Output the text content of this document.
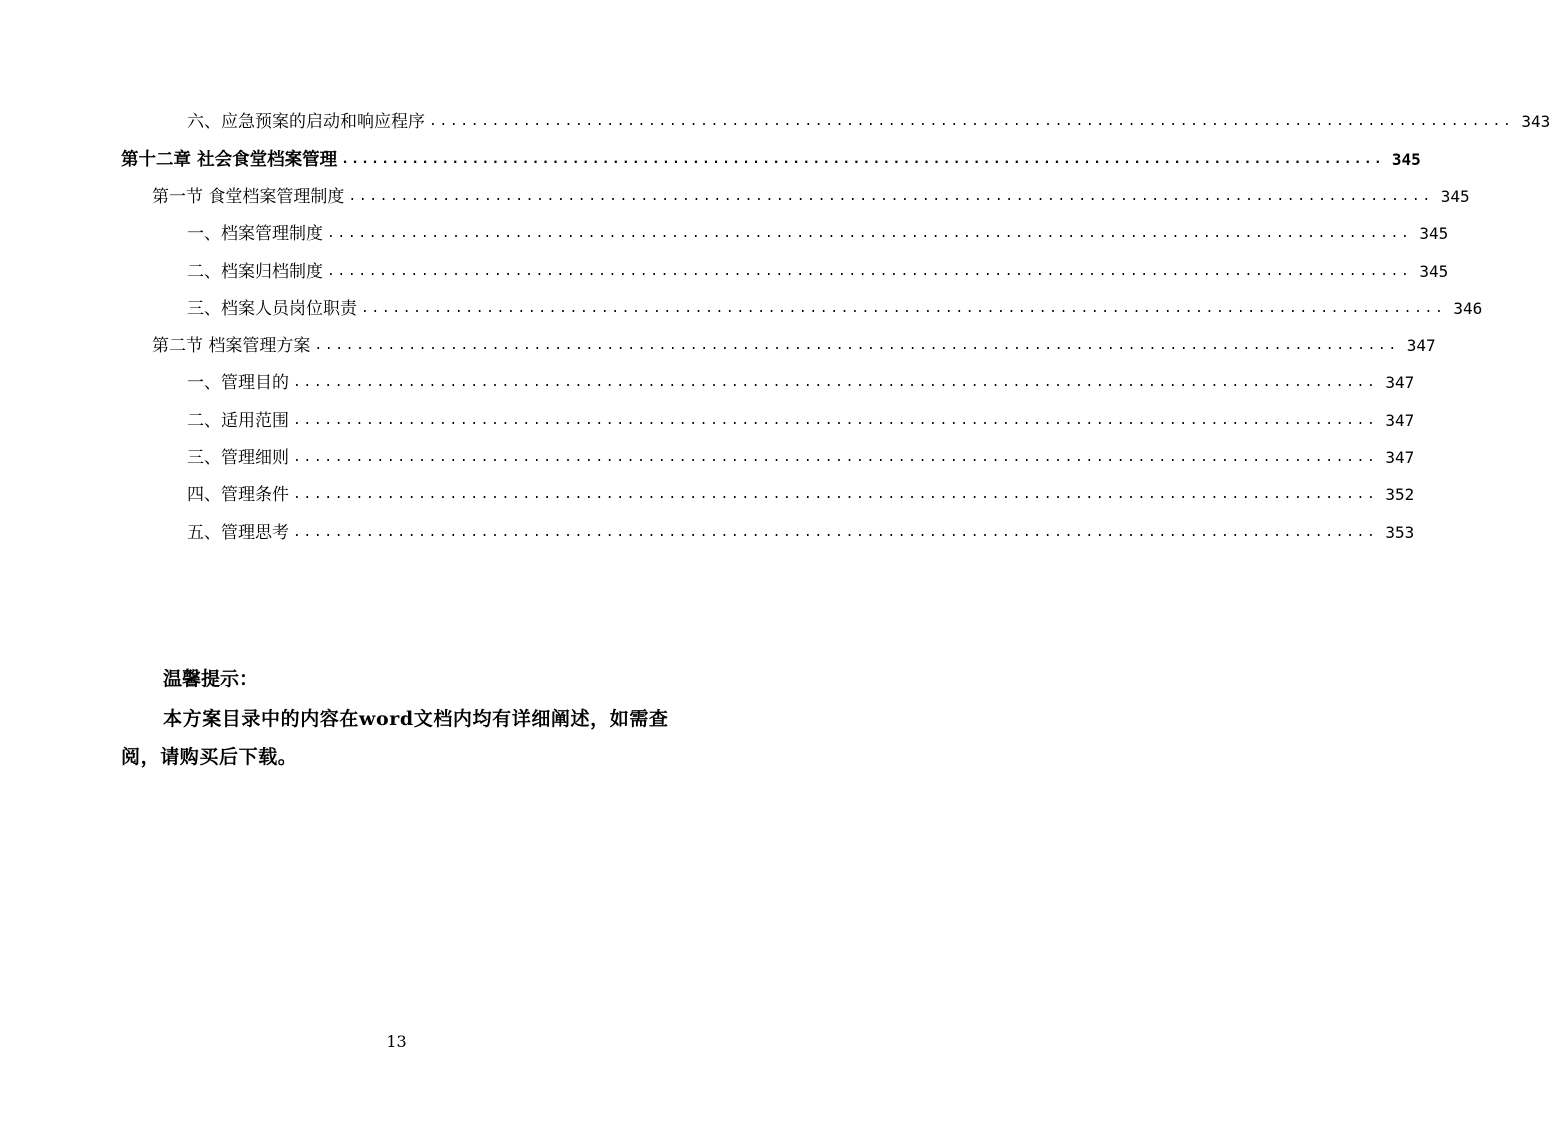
六、应急预案的启动和响应程序 ........................................................................................................ 343
第十二章 社会食堂档案管理 ........................................................................................................ 345
第一节 食堂档案管理制度 ........................................................................................................ 345
一、档案管理制度 ........................................................................................................ 345
二、档案归档制度 ........................................................................................................ 345
三、档案人员岗位职责 ........................................................................................................ 346
第二节 档案管理方案 ........................................................................................................ 347
一、管理目的 ........................................................................................................ 347
二、适用范围 ........................................................................................................ 347
三、管理细则 ........................................................................................................ 347
四、管理条件 ........................................................................................................ 352
五、管理思考 ........................................................................................................ 353
温馨提示：
本方案目录中的内容在word文档内均有详细阐述，如需查阅，请购买后下载。
13
